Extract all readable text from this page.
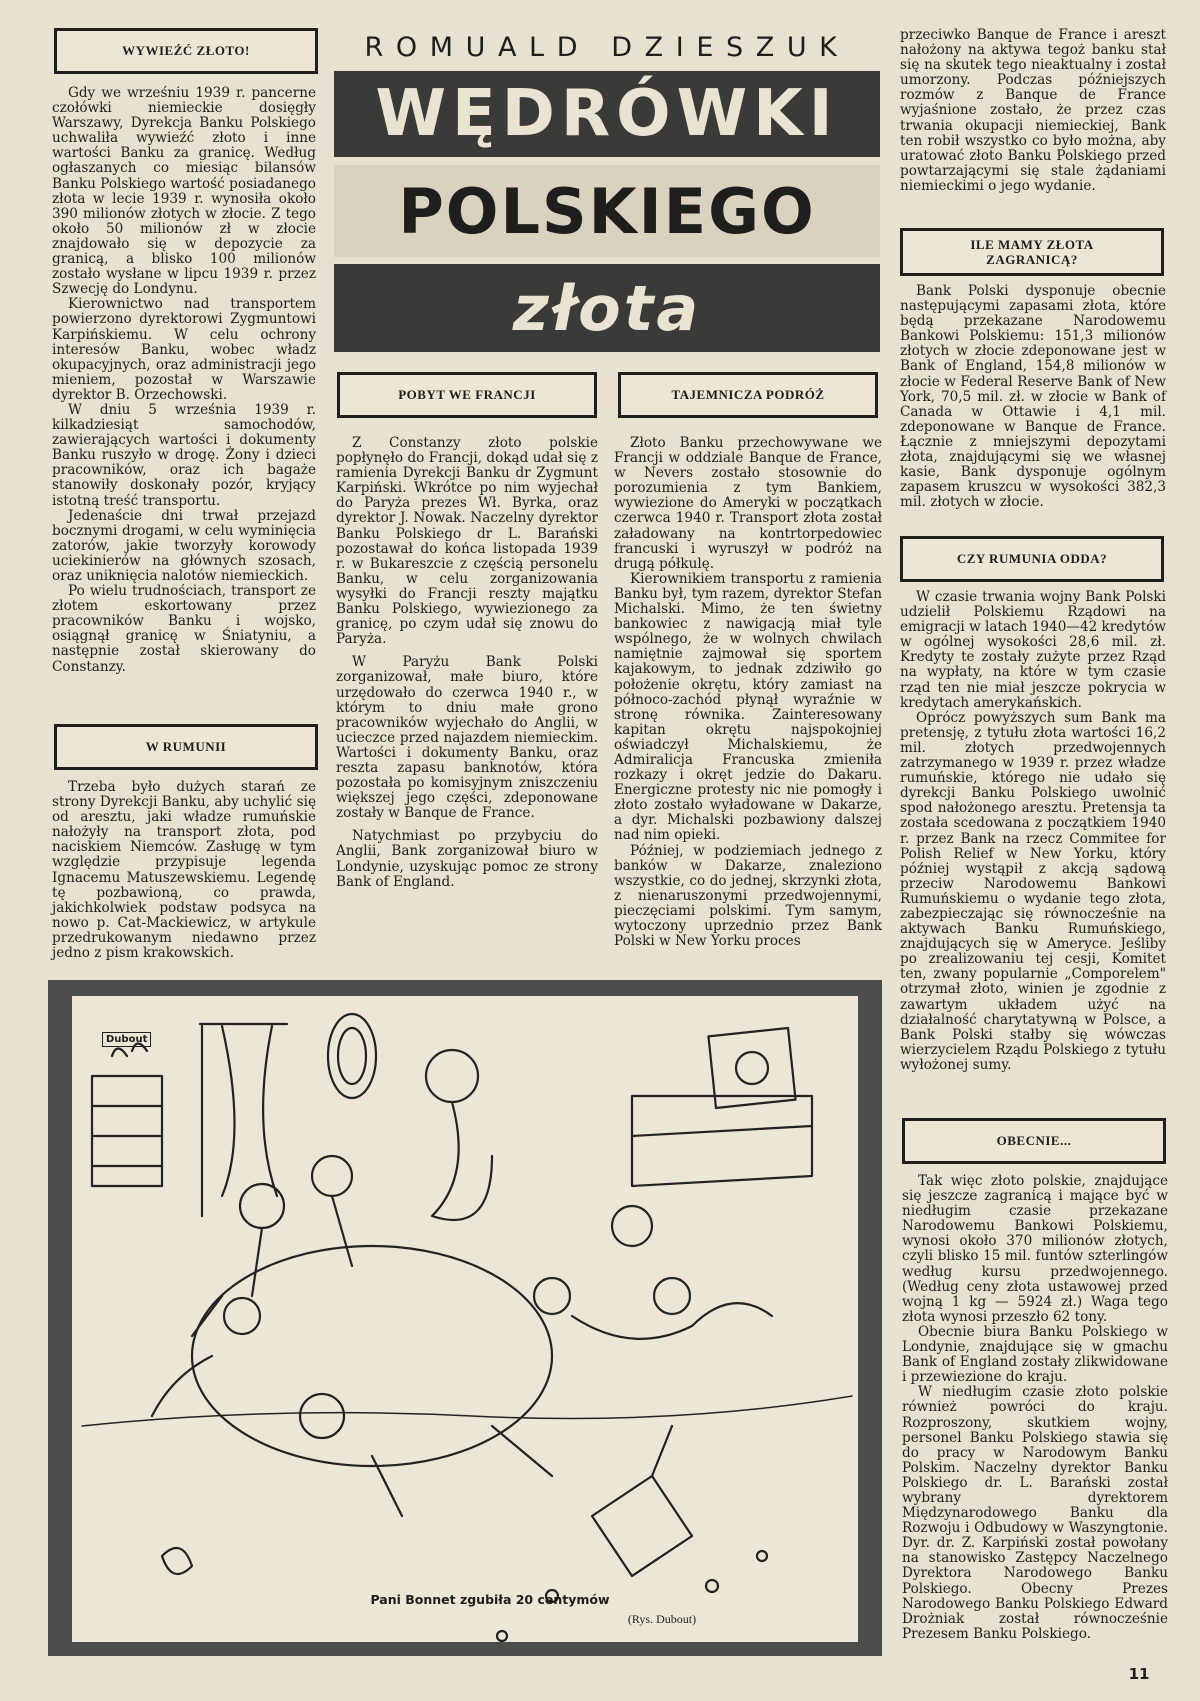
ROMUALD DZIESZUK
WĘDRÓWKI
POLSKIEGO
złota
WYWIEŹĆ ZŁOTO!

Gdy we wrześniu 1939 r. pancerne czołówki niemieckie dosięgły Warszawy, Dyrekcja Banku Polskiego uchwaliła wywieźć złoto i inne wartości Banku za granicę. Według ogłaszanych co miesiąc bilansów Banku Polskiego wartość posiadanego złota w lecie 1939 r. wynosiła około 390 milionów złotych w złocie. Z tego około 50 milionów zł w złocie znajdowało się w depozycie za granicą, a blisko 100 milionów zostało wysłane w lipcu 1939 r. przez Szwecję do Londynu.

Kierownictwo nad transportem powierzono dyrektorowi Zygmuntowi Karpińskiemu. W celu ochrony interesów Banku, wobec władz okupacyjnych, oraz administracji jego mieniem, pozostał w Warszawie dyrektor B. Orzechowski.

W dniu 5 września 1939 r. kilkadziesiąt samochodów, zawierających wartości i dokumenty Banku ruszyło w drogę. Żony i dzieci pracowników, oraz ich bagaże stanowiły doskonały pozór, kryjący istotną treść transportu.

Jedenaście dni trwał przejazd bocznymi drogami, w celu wyminięcia zatorów, jakie tworzyły korowody uciekinierów na głównych szosach, oraz uniknięcia nalotów niemieckich.

Po wielu trudnościach, transport ze złotem eskortowany przez pracowników Banku i wojsko, osiągnął granicę w Śniatyniu, a następnie został skierowany do Constanzy.

W RUMUNII

Trzeba było dużych starań ze strony Dyrekcji Banku, aby uchylić się od aresztu, jaki władze rumuńskie nałożyły na transport złota, pod naciskiem Niemców. Zasługę w tym względzie przypisuje legenda Ignacemu Matuszewskiemu. Legendę tę pozbawioną, co prawda, jakichkolwiek podstaw podsyca na nowo p. Cat-Mackiewicz, w artykule przedrukowanym niedawno przez jedno z pism krakowskich.

POBYT WE FRANCJI

Z Constanzy złoto polskie popłynęło do Francji, dokąd udał się z ramienia Dyrekcji Banku dr Zygmunt Karpiński. Wkrótce po nim wyjechał do Paryża prezes Wł. Byrka, oraz dyrektor J. Nowak. Naczelny dyrektor Banku Polskiego dr L. Barański pozostawał do końca listopada 1939 r. w Bukareszcie z częścią personelu Banku, w celu zorganizowania wysyłki do Francji reszty majątku Banku Polskiego, wywiezionego za granicę, po czym udał się znowu do Paryża.

W Paryżu Bank Polski zorganizował, małe biuro, które urzędowało do czerwca 1940 r., w którym to dniu małe grono pracowników wyjechało do Anglii, w ucieczce przed najazdem niemieckim. Wartości i dokumenty Banku, oraz reszta zapasu banknotów, która pozostała po komisyjnym zniszczeniu większej jego części, zdeponowane zostały w Banque de France.

Natychmiast po przybyciu do Anglii, Bank zorganizował biuro w Londynie, uzyskując pomoc ze strony Bank of England.

TAJEMNICZA PODRÓŻ

Złoto Banku przechowywane we Francji w oddziale Banque de France, w Nevers zostało stosownie do porozumienia z tym Bankiem, wywiezione do Ameryki w początkach czerwca 1940 r. Transport złota został załadowany na kontrtorpedowiec francuski i wyruszył w podróż na drugą półkulę.

Kierownikiem transportu z ramienia Banku był, tym razem, dyrektor Stefan Michalski. Mimo, że ten świetny bankowiec z nawigacją miał tyle wspólnego, że w wolnych chwilach namiętnie zajmował się sportem kajakowym, to jednak zdziwiło go położenie okrętu, który zamiast na północo-zachód płynął wyraźnie w stronę równika. Zainteresowany kapitan okrętu najspokojniej oświadczył Michalskiemu, że Admiralicja Francuska zmieniła rozkazy i okręt jedzie do Dakaru. Energiczne protesty nic nie pomogły i złoto zostało wyładowane w Dakarze, a dyr. Michalski pozbawiony dalszej nad nim opieki.

Później, w podziemiach jednego z banków w Dakarze, znaleziono wszystkie, co do jednej, skrzynki złota, z nienaruszonymi przedwojennymi, pieczęciami polskimi. Tym samym, wytoczony uprzednio przez Bank Polski w New Yorku proces

przeciwko Banque de France i areszt nałożony na aktywa tegoż banku stał się na skutek tego nieaktualny i został umorzony. Podczas późniejszych rozmów z Banque de France wyjaśnione zostało, że przez czas trwania okupacji niemieckiej, Bank ten robił wszystko co było można, aby uratować złoto Banku Polskiego przed powtarzającymi się stale żądaniami niemieckimi o jego wydanie.

ILE MAMY ZŁOTA ZAGRANICĄ?

Bank Polski dysponuje obecnie następującymi zapasami złota, które będą przekazane Narodowemu Bankowi Polskiemu: 151,3 milionów złotych w złocie zdeponowane jest w Bank of England, 154,8 milionów w złocie w Federal Reserve Bank of New York, 70,5 mil. zł. w złocie w Bank of Canada w Ottawie i 4,1 mil. zdeponowane w Banque de France. Łącznie z mniejszymi depozytami złota, znajdującymi się we własnej kasie, Bank dysponuje ogólnym zapasem kruszcu w wysokości 382,3 mil. złotych w złocie.

CZY RUMUNIA ODDA?

W czasie trwania wojny Bank Polski udzielił Polskiemu Rządowi na emigracji w latach 1940—42 kredytów w ogólnej wysokości 28,6 mil. zł. Kredyty te zostały zużyte przez Rząd na wypłaty, na które w tym czasie rząd ten nie miał jeszcze pokrycia w kredytach amerykańskich.

Oprócz powyższych sum Bank ma pretensję, z tytułu złota wartości 16,2 mil. złotych przedwojennych zatrzymanego w 1939 r. przez władze rumuńskie, którego nie udało się dyrekcji Banku Polskiego uwolnić spod nałożonego aresztu. Pretensja ta została scedowana z początkiem 1940 r. przez Bank na rzecz Commitee for Polish Relief w New Yorku, który później wystąpił z akcją sądową przeciw Narodowemu Bankowi Rumuńskiemu o wydanie tego złota, zabezpieczając się równocześnie na aktywach Banku Rumuńskiego, znajdujących się w Ameryce. Jeśliby po zrealizowaniu tej cesji, Komitet ten, zwany popularnie „Comporelem" otrzymał złoto, winien je zgodnie z zawartym układem użyć na działalność charytatywną w Polsce, a Bank Polski stałby się wówczas wierzycielem Rządu Polskiego z tytułu wyłożonej sumy.

OBECNIE...

Tak więc złoto polskie, znajdujące się jeszcze zagranicą i mające być w niedługim czasie przekazane Narodowemu Bankowi Polskiemu, wynosi około 370 milionów złotych, czyli blisko 15 mil. funtów szterlingów według kursu przedwojennego. (Według ceny złota ustawowej przed wojną 1 kg — 5924 zł.) Waga tego złota wynosi przeszło 62 tony.

Obecnie biura Banku Polskiego w Londynie, znajdujące się w gmachu Bank of England zostały zlikwidowane i przewiezione do kraju.

W niedługim czasie złoto polskie również powróci do kraju. Rozproszony, skutkiem wojny, personel Banku Polskiego stawia się do pracy w Narodowym Banku Polskim. Naczelny dyrektor Banku Polskiego dr. L. Barański został wybrany dyrektorem Międzynarodowego Banku dla Rozwoju i Odbudowy w Waszyngtonie. Dyr. dr. Z. Karpiński został powołany na stanowisko Zastępcy Naczelnego Dyrektora Narodowego Banku Polskiego. Obecny Prezes Narodowego Banku Polskiego Edward Drożniak został równocześnie Prezesem Banku Polskiego.

Dubout
Pani Bonnet zgubiła 20 centymów
(Rys. Dubout)
11
